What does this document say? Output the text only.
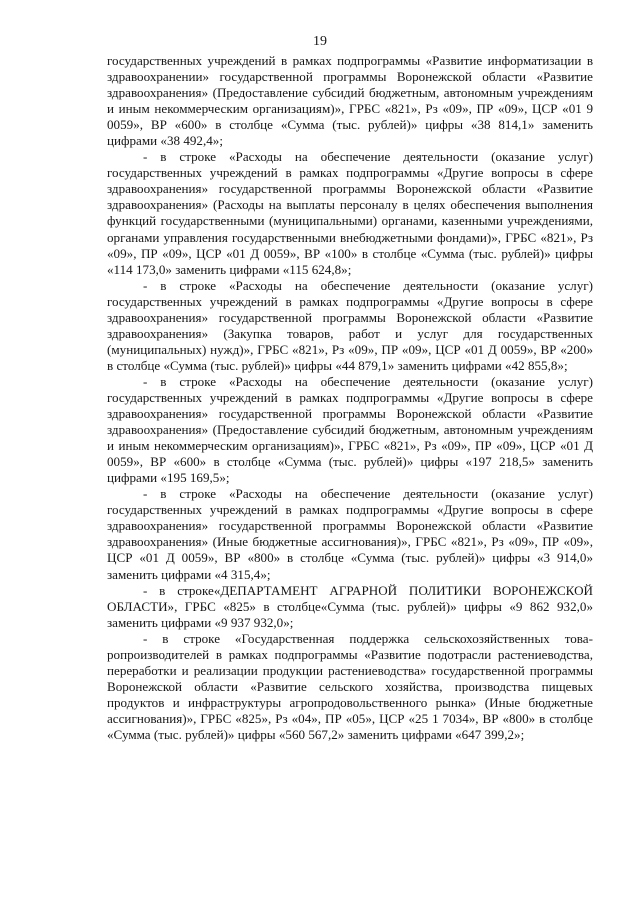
19

государственных учреждений в рамках подпрограммы «Развитие информатизации в здравоохранении» государственной программы Воронежской области «Развитие здравоохранения» (Предоставление субсидий бюджетным, автономным учреждениям и иным некоммерческим организациям)», ГРБС «821», Рз «09», ПР «09», ЦСР «01 9 0059», ВР «600» в столбце «Сумма (тыс. рублей)» цифры «38 814,1» заменить цифрами «38 492,4»;

- в строке «Расходы на обеспечение деятельности (оказание услуг) государственных учреждений в рамках подпрограммы «Другие вопросы в сфере здравоохранения» государственной программы Воронежской области «Развитие здравоохранения» (Расходы на выплаты персоналу в целях обеспечения выполнения функций государственными (муниципальными) органами, казенными учреждениями, органами управления государственными внебюджетными фондами)», ГРБС «821», Рз «09», ПР «09», ЦСР «01 Д 0059», ВР «100» в столбце «Сумма (тыс. рублей)» цифры «114 173,0» заменить цифрами «115 624,8»;

- в строке «Расходы на обеспечение деятельности (оказание услуг) государственных учреждений в рамках подпрограммы «Другие вопросы в сфере здравоохранения» государственной программы Воронежской области «Развитие здравоохранения» (Закупка товаров, работ и услуг для государственных (муниципальных) нужд)», ГРБС «821», Рз «09», ПР «09», ЦСР «01 Д 0059», ВР «200» в столбце «Сумма (тыс. рублей)» цифры «44 879,1» заменить цифрами «42 855,8»;

- в строке «Расходы на обеспечение деятельности (оказание услуг) государственных учреждений в рамках подпрограммы «Другие вопросы в сфере здравоохранения» государственной программы Воронежской области «Развитие здравоохранения» (Предоставление субсидий бюджетным, автономным учреждениям и иным некоммерческим организациям)», ГРБС «821», Рз «09», ПР «09», ЦСР «01 Д 0059», ВР «600» в столбце «Сумма (тыс. рублей)» цифры «197 218,5» заменить цифрами «195 169,5»;

- в строке «Расходы на обеспечение деятельности (оказание услуг) государственных учреждений в рамках подпрограммы «Другие вопросы в сфере здравоохранения» государственной программы Воронежской области «Развитие здравоохранения» (Иные бюджетные ассигнования)», ГРБС «821», Рз «09», ПР «09», ЦСР «01 Д 0059», ВР «800» в столбце «Сумма (тыс. рублей)» цифры «3 914,0» заменить цифрами «4 315,4»;

- в строке«ДЕПАРТАМЕНТ АГРАРНОЙ ПОЛИТИКИ ВОРОНЕЖСКОЙ ОБЛАСТИ», ГРБС «825» в столбце«Сумма (тыс. рублей)» цифры «9 862 932,0» заменить цифрами «9 937 932,0»;

- в строке «Государственная поддержка сельскохозяйственных товаропроизводителей в рамках подпрограммы «Развитие подотрасли растениеводства, переработки и реализации продукции растениеводства» государственной программы Воронежской области «Развитие сельского хозяйства, производства пищевых продуктов и инфраструктуры агропродовольственного рынка» (Иные бюджетные ассигнования)», ГРБС «825», Рз «04», ПР «05», ЦСР «25 1 7034», ВР «800» в столбце «Сумма (тыс. рублей)» цифры «560 567,2» заменить цифрами «647 399,2»;
